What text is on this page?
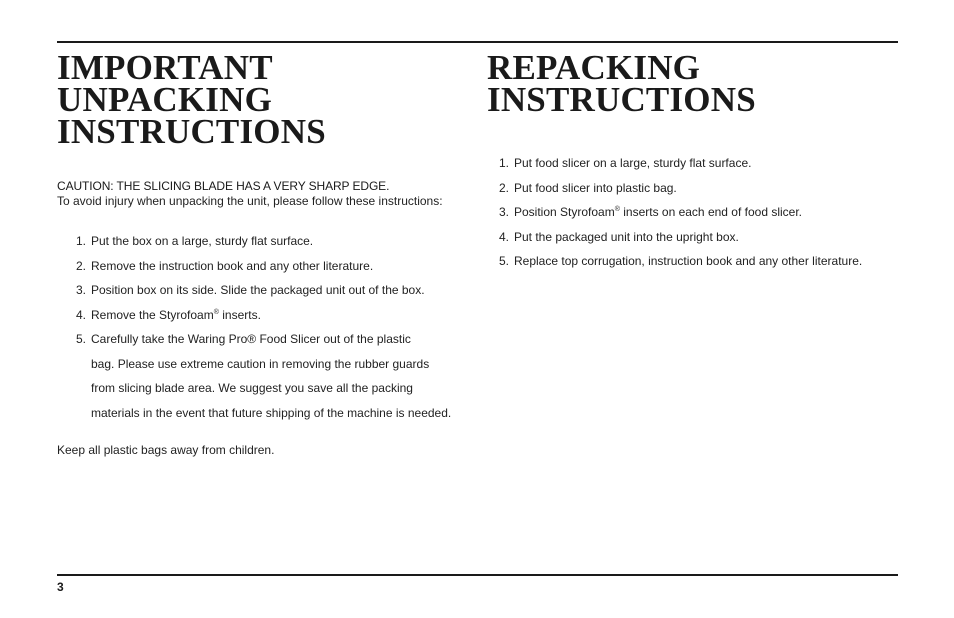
IMPORTANT
UNPACKING
INSTRUCTIONS
CAUTION: THE SLICING BLADE HAS A VERY SHARP EDGE.
To avoid injury when unpacking the unit, please follow these instructions:
1. Put the box on a large, sturdy flat surface.
2. Remove the instruction book and any other literature.
3. Position box on its side. Slide the packaged unit out of the box.
4. Remove the Styrofoam® inserts.
5. Carefully take the Waring Pro® Food Slicer out of the plastic
bag. Please use extreme caution in removing the rubber guards
from slicing blade area. We suggest you save all the packing
materials in the event that future shipping of the machine is needed.
Keep all plastic bags away from children.
REPACKING
INSTRUCTIONS
1. Put food slicer on a large, sturdy flat surface.
2. Put food slicer into plastic bag.
3. Position Styrofoam® inserts on each end of food slicer.
4. Put the packaged unit into the upright box.
5. Replace top corrugation, instruction book and any other literature.
3
